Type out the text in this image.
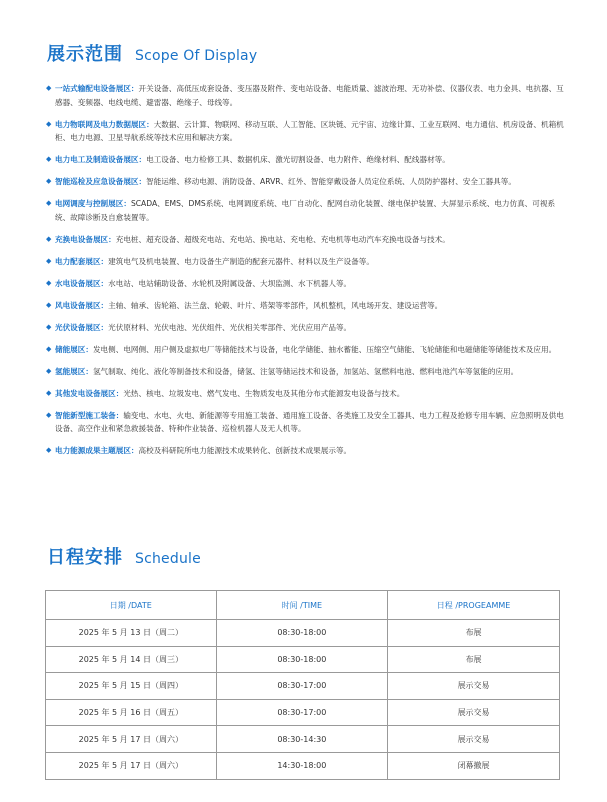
展示范围 Scope Of Display
◆ 一站式输配电设备展区：开关设备、高低压成套设备、变压器及附件、变电站设备、电能质量、滤波治理、无功补偿、仪器仪表、电力金具、电抗器、互感器、变频器、电线电缆、避雷器、绝缘子、母线等。
◆ 电力物联网及电力数据展区：大数据、云计算、物联网、移动互联、人工智能、区块链、元宇宙、边缘计算、工业互联网、电力通信、机房设备、机箱机柜、电力电源、卫星导航系统等技术应用和解决方案。
◆ 电力电工及制造设备展区：电工设备、电力检修工具、数据机床、激光切割设备、电力附件、绝缘材料、配线器材等。
◆ 智能巡检及应急设备展区：智能运维、移动电源、消防设备、ARVR、红外、智能穿戴设备人员定位系统、人员防护器材、安全工器具等。
◆ 电网调度与控制展区：SCADA、EMS、DMS系统、电网调度系统、电厂自动化、配网自动化装置、继电保护装置、大屏显示系统、电力仿真、可视系统、故障诊断及自愈装置等。
◆ 充换电设备展区：充电桩、超充设备、超级充电站、充电站、换电站、充电枪、充电机等电动汽车充换电设备与技术。
◆ 电力配套展区：建筑电气及机电装置、电力设备生产制造的配套元器件、材料以及生产设备等。
◆ 水电设备展区：水电站、电站辅助设备、水轮机及附属设备、大坝监测、水下机器人等。
◆ 风电设备展区：主轴、轴承、齿轮箱、法兰盘、轮毂、叶片、塔架等零部件，风机整机，风电场开发、建设运营等。
◆ 光伏设备展区：光伏原材料、光伏电池、光伏组件、光伏相关零部件、光伏应用产品等。
◆ 储能展区：发电侧、电网侧、用户侧及虚拟电厂等储能技术与设备，电化学储能、抽水蓄能、压缩空气储能、飞轮储能和电磁储能等储能技术及应用。
◆ 氢能展区：氢气制取、纯化、液化等制备技术和设备，储氢、注氢等储运技术和设备，加氢站、氢燃料电池、燃料电池汽车等氢能的应用。
◆ 其他发电设备展区：光热、核电、垃圾发电、燃气发电、生物质发电及其他分布式能源发电设备与技术。
◆ 智能新型施工装备：输变电、水电、火电、新能源等专用施工装备、通用施工设备、各类施工及安全工器具、电力工程及抢修专用车辆、应急照明及供电设备、高空作业和紧急救援装备、特种作业装备、巡检机器人及无人机等。
◆ 电力能源成果主题展区：高校及科研院所电力能源技术成果转化、创新技术成果展示等。
日程安排 Schedule
日期 /DATE	时间 /TIME	日程 /PROGEAMME
2025 年 5 月 13 日（周二）	08:30-18:00	布展
2025 年 5 月 14 日（周三）	08:30-18:00	布展
2025 年 5 月 15 日（周四）	08:30-17:00	展示交易
2025 年 5 月 16 日（周五）	08:30-17:00	展示交易
2025 年 5 月 17 日（周六）	08:30-14:30	展示交易
2025 年 5 月 17 日（周六）	14:30-18:00	闭幕撤展
